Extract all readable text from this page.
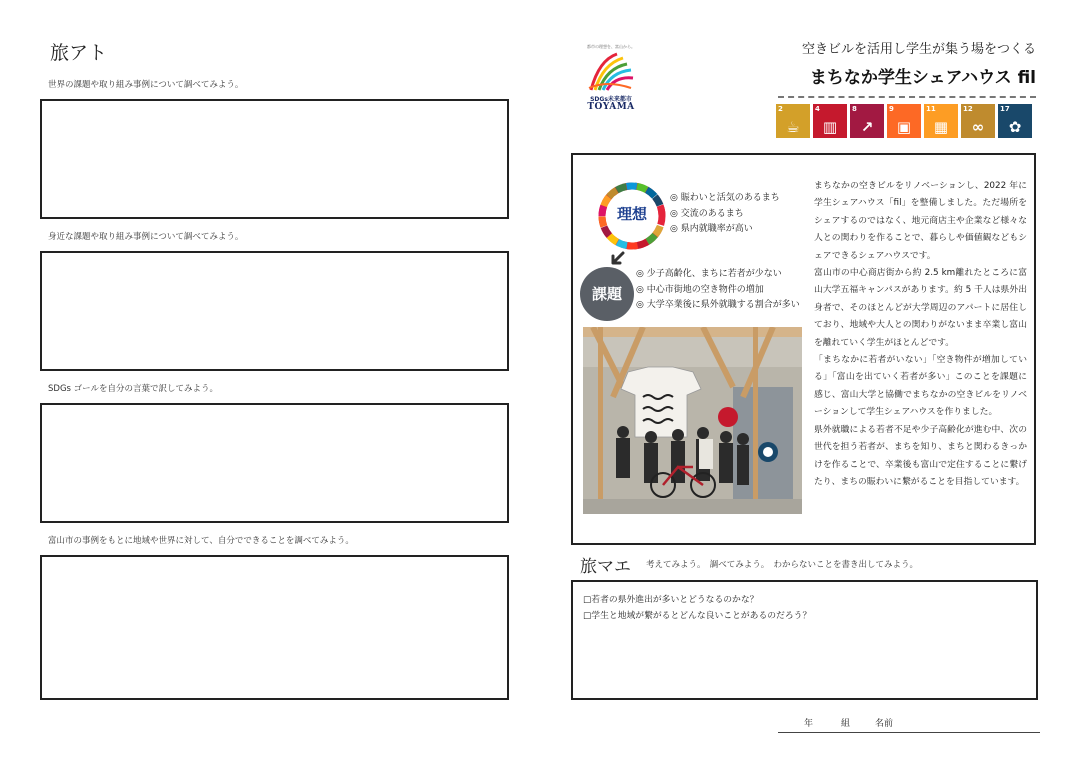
旅アト
世界の課題や取り組み事例について調べてみよう。
身近な課題や取り組み事例について調べてみよう。
SDGs ゴールを自分の言葉で訳してみよう。
富山市の事例をもとに地域や世界に対して、自分でできることを調べてみよう。
都市の理想を、富山から。
SDGs未来都市
TOYAMA
空きビルを活用し学生が集う場をつくる
まちなか学生シェアハウス fil
2
☕
4
▥
8
↗
9
▣
11
▦
12
∞
17
✿
理想
◎ 賑わいと活気のあるまち
◎ 交流のあるまち
◎ 県内就職率が高い
課題
◎ 少子高齢化、まちに若者が少ない
◎ 中心市街地の空き物件の増加
◎ 大学卒業後に県外就職する割合が多い

まちなかの空きビルをリノベーションし、2022 年に学生シェアハウス「fil」を整備しました。ただ場所をシェアするのではなく、地元商店主や企業など様々な人との関わりを作ることで、暮らしや価値観などもシェアできるシェアハウスです。

富山市の中心商店街から約 2.5 km離れたところに富山大学五福キャンパスがあります。約 5 千人は県外出身者で、そのほとんどが大学周辺のアパートに居住しており、地域や大人との関わりがないまま卒業し富山を離れていく学生がほとんどです。

「まちなかに若者がいない」「空き物件が増加している」「富山を出ていく若者が多い」このことを課題に感じ、富山大学と協働でまちなかの空きビルをリノベーションして学生シェアハウスを作りました。

県外就職による若者不足や少子高齢化が進む中、次の世代を担う若者が、まちを知り、まちと関わるきっかけを作ることで、卒業後も富山で定住することに繋げたり、まちの賑わいに繋がることを目指しています。

旅マエ 考えてみよう。　調べてみよう。　わからないことを書き出してみよう。
□若者の県外進出が多いとどうなるのかな？
□学生と地域が繋がるとどんな良いことがあるのだろう？
年	組	名前
